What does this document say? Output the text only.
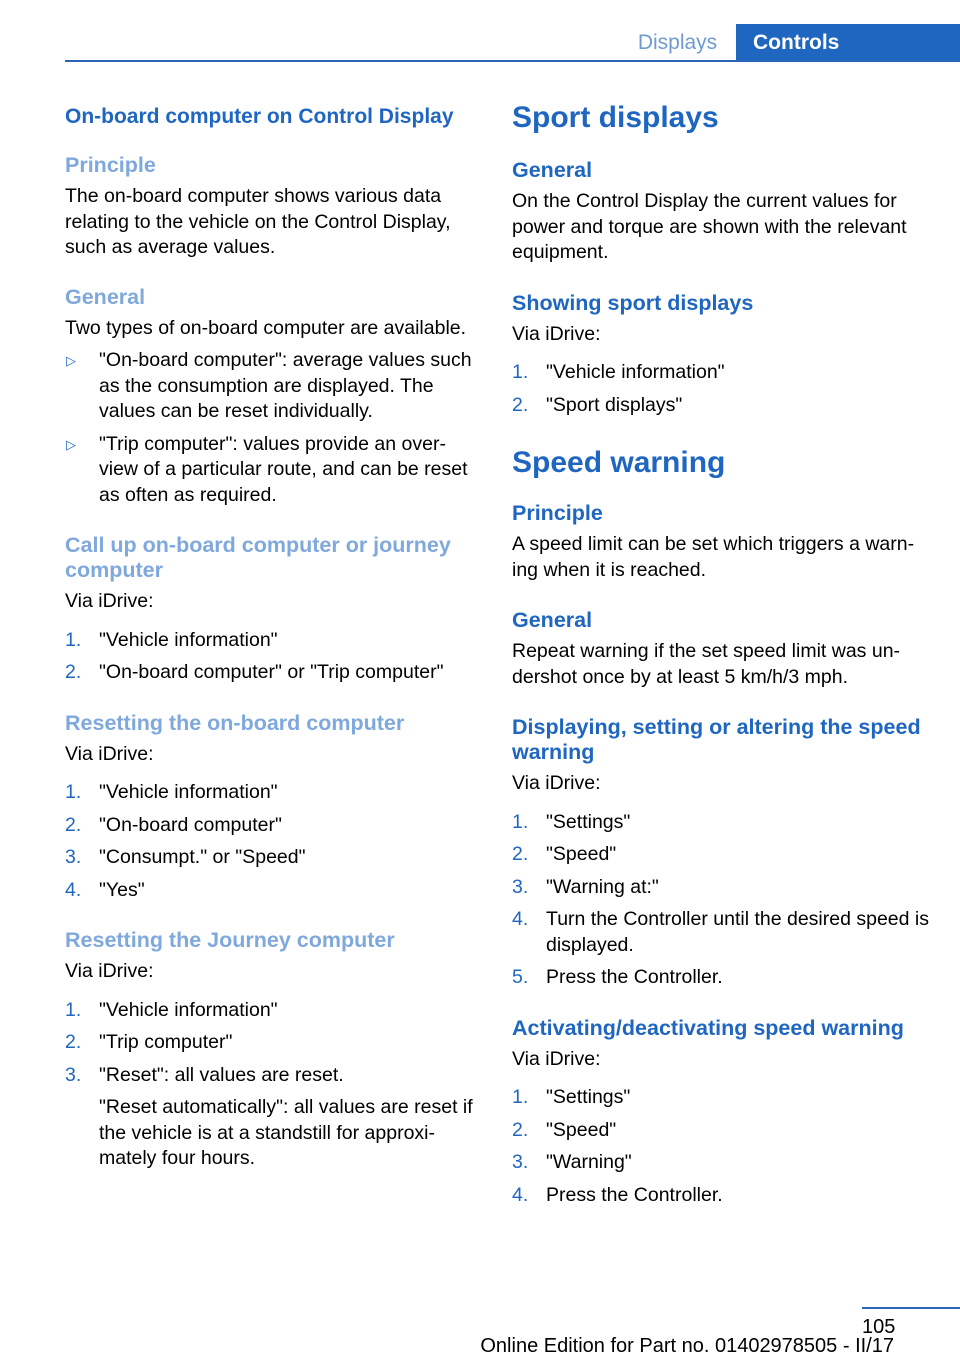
Displays	Controls
On-board computer on Control Display
Principle

The on-board computer shows various data relating to the vehicle on the Control Display, such as average values.

General

Two types of on-board computer are available.

▷ "On-board computer": average values such as the consumption are displayed. The values can be reset individually.
▷ "Trip computer": values provide an over-view of a particular route, and can be reset as often as required.
Call up on-board computer or journey computer

Via iDrive:

1. "Vehicle information"
2. "On-board computer" or "Trip computer"
Resetting the on-board computer

Via iDrive:

1. "Vehicle information"
2. "On-board computer"
3. "Consumpt." or "Speed"
4. "Yes"
Resetting the Journey computer

Via iDrive:

1. "Vehicle information"
2. "Trip computer"
3. "Reset": all values are reset.

"Reset automatically": all values are reset if the vehicle is at a standstill for approxi-mately four hours.

Sport displays
General

On the Control Display the current values for power and torque are shown with the relevant equipment.

Showing sport displays

Via iDrive:

1. "Vehicle information"
2. "Sport displays"
Speed warning
Principle

A speed limit can be set which triggers a warn-ing when it is reached.

General

Repeat warning if the set speed limit was un-dershot once by at least 5 km/h/3 mph.

Displaying, setting or altering the speed warning

Via iDrive:

1. "Settings"
2. "Speed"
3. "Warning at:"
4. Turn the Controller until the desired speed is displayed.
5. Press the Controller.
Activating/deactivating speed warning

Via iDrive:

1. "Settings"
2. "Speed"
3. "Warning"
4. Press the Controller.
105
Online Edition for Part no. 01402978505 - II/17
